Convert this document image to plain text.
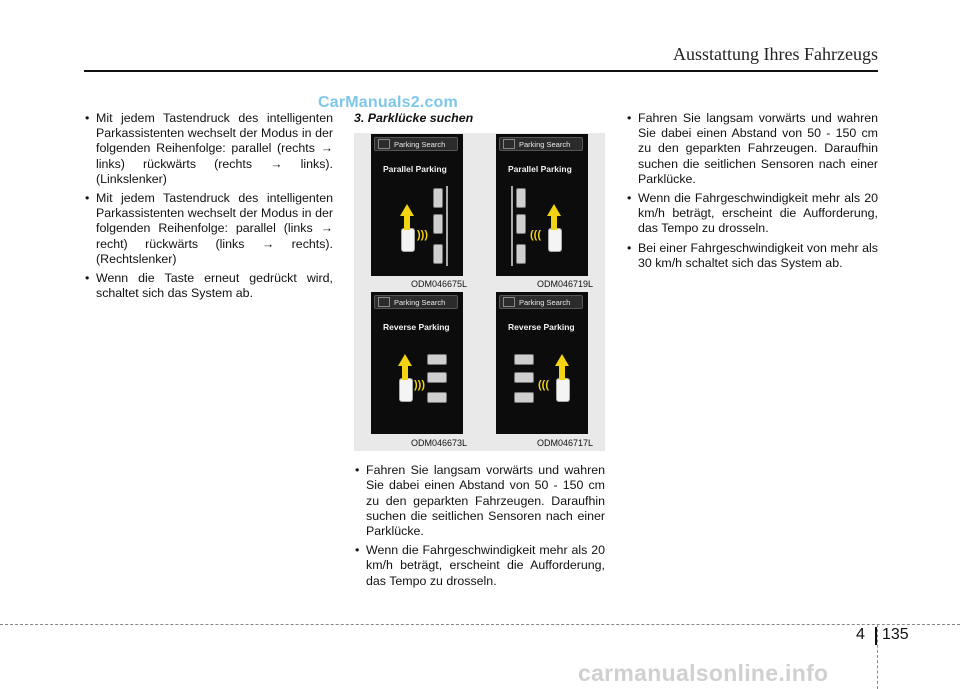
Ausstattung Ihres Fahrzeugs
CarManuals2.com
• Mit jedem Tastendruck des intelligenten Parkassistenten wechselt der Modus in der folgenden Reihenfolge: parallel (rechts → links) rückwärts (rechts → links). (Linkslenker)
• Mit jedem Tastendruck des intelligenten Parkassistenten wechselt der Modus in der folgenden Reihenfolge: parallel (links → recht) rückwärts (links → rechts). (Rechtslenker)
• Wenn die Taste erneut gedrückt wird, schaltet sich das System ab.
3. Parklücke suchen
Parking Search
Parallel Parking
)))
ODM046675L
Parking Search
Parallel Parking
(((
ODM046719L
Parking Search
Reverse Parking
)))
ODM046673L
Parking Search
Reverse Parking
(((
ODM046717L
• Fahren Sie langsam vorwärts und wahren Sie dabei einen Abstand von 50 - 150 cm zu den geparkten Fahrzeugen. Daraufhin suchen die seitlichen Sensoren nach einer Parklücke.
• Wenn die Fahrgeschwindigkeit mehr als 20 km/h beträgt, erscheint die Aufforderung, das Tempo zu drosseln.
• Fahren Sie langsam vorwärts und wahren Sie dabei einen Abstand von 50 - 150 cm zu den geparkten Fahrzeugen. Daraufhin suchen die seitlichen Sensoren nach einer Parklücke.
• Wenn die Fahrgeschwindigkeit mehr als 20 km/h beträgt, erscheint die Aufforderung, das Tempo zu drosseln.
• Bei einer Fahrgeschwindigkeit von mehr als 30 km/h schaltet sich das System ab.
4 135
carmanualsonline.info
